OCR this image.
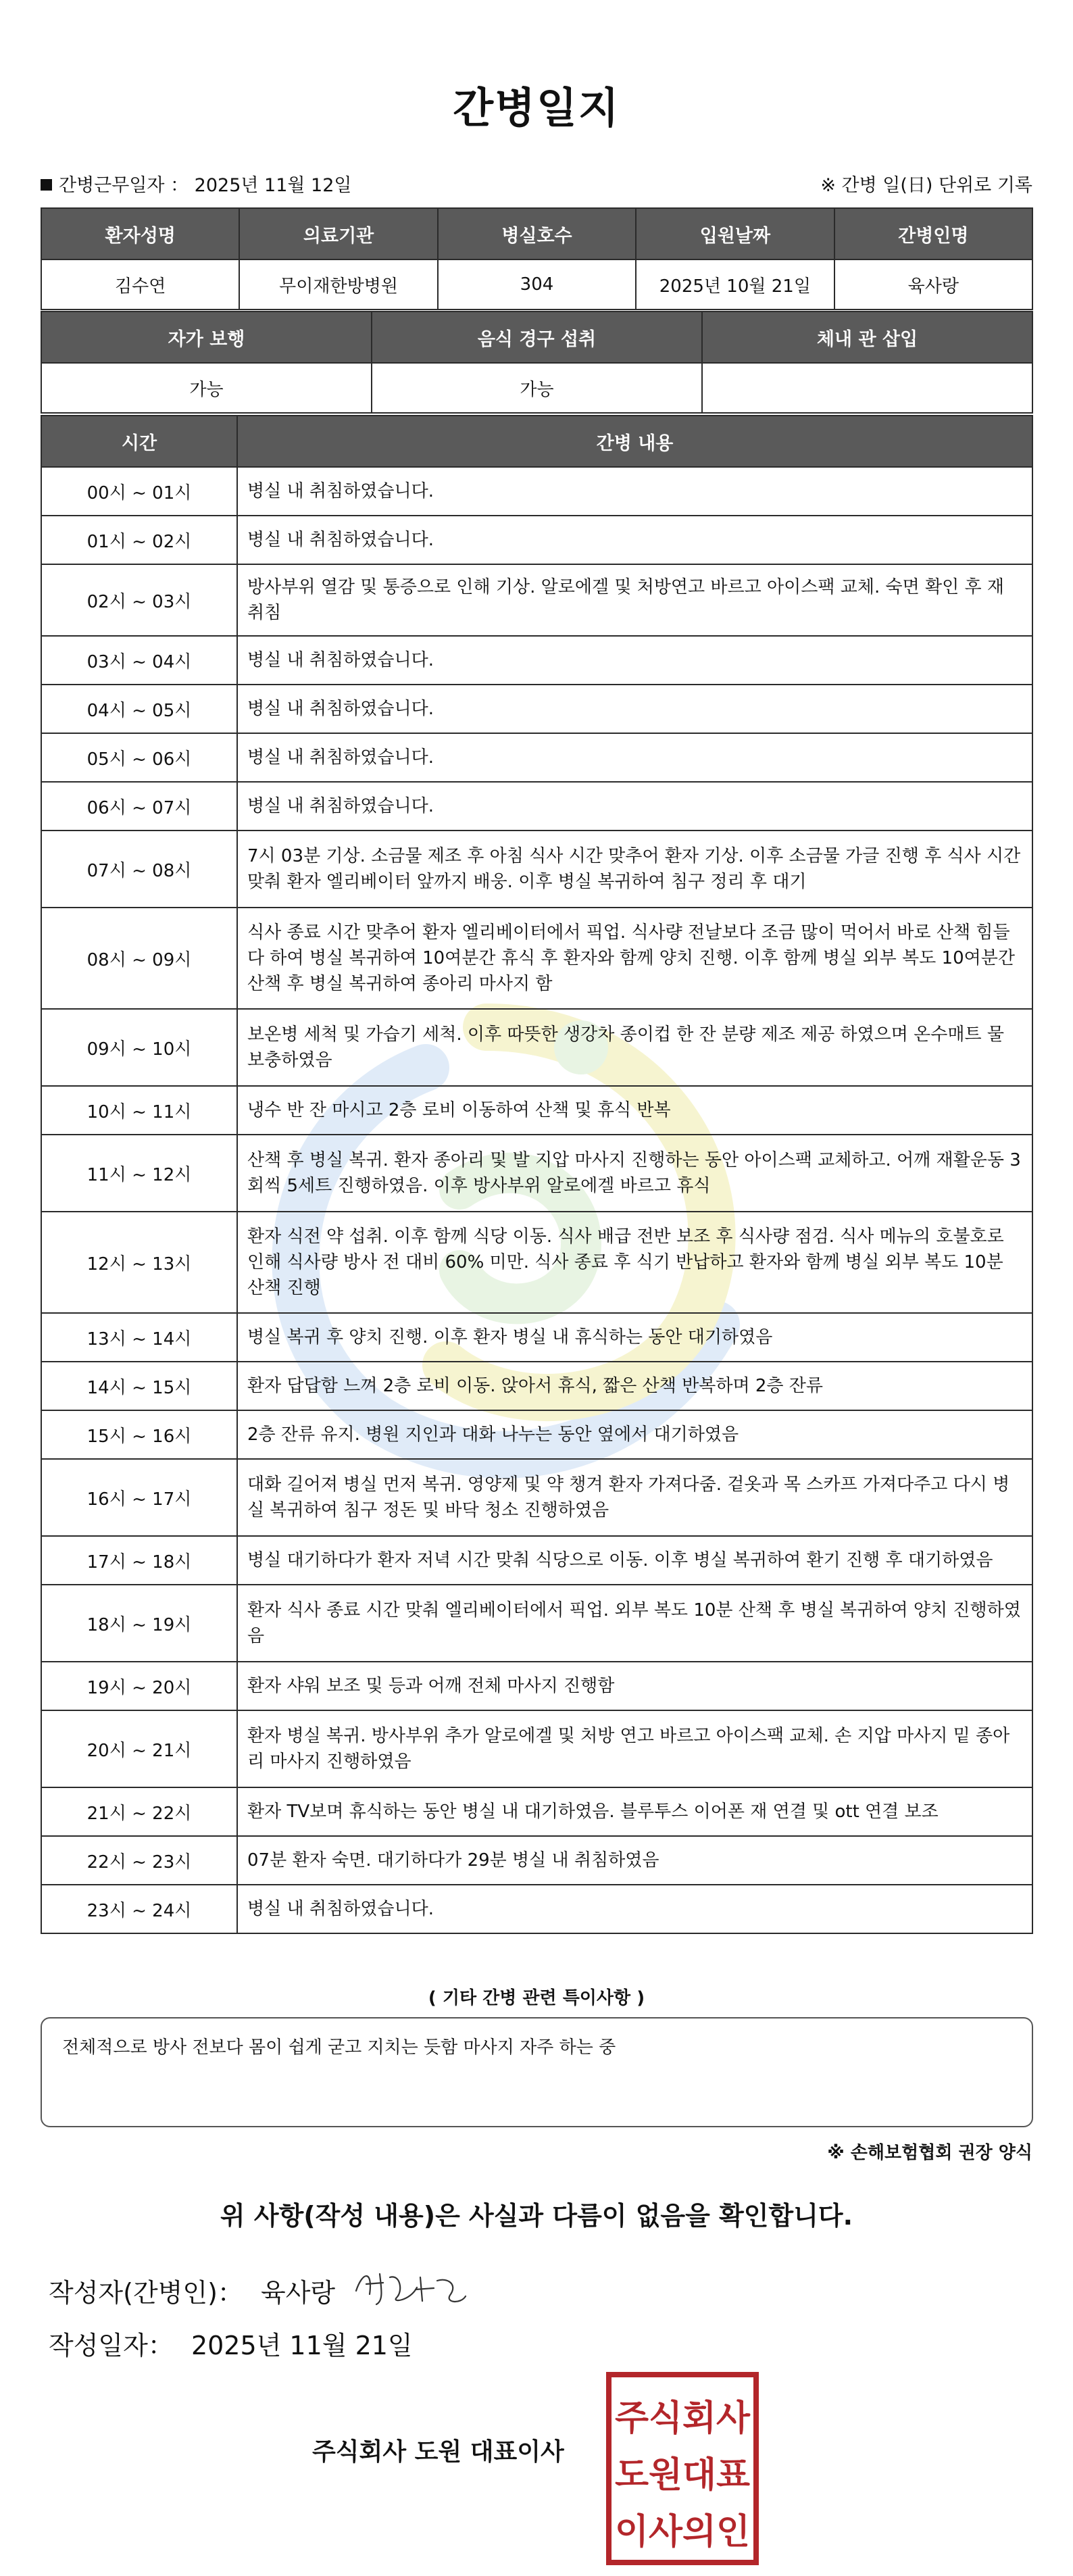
간병일지
간병근무일자 ： 2025년 11월 12일	※ 간병 일(日) 단위로 기록
환자성명	의료기관	병실호수	입원날짜	간병인명
김수연	무이재한방병원	304	2025년 10월 21일	육사랑
자가 보행	음식 경구 섭취	체내 관 삽입
가능	가능	
시간	간병 내용
00시 ~ 01시	병실 내 취침하였습니다.
01시 ~ 02시	병실 내 취침하였습니다.
02시 ~ 03시	방사부위 열감 및 통증으로 인해 기상. 알로에겔 및 처방연고 바르고 아이스팩 교체. 숙면 확인 후 재 취침
03시 ~ 04시	병실 내 취침하였습니다.
04시 ~ 05시	병실 내 취침하였습니다.
05시 ~ 06시	병실 내 취침하였습니다.
06시 ~ 07시	병실 내 취침하였습니다.
07시 ~ 08시	7시 03분 기상. 소금물 제조 후 아침 식사 시간 맞추어 환자 기상. 이후 소금물 가글 진행 후 식사 시간 맞춰 환자 엘리베이터 앞까지 배웅. 이후 병실 복귀하여 침구 정리 후 대기
08시 ~ 09시	식사 종료 시간 맞추어 환자 엘리베이터에서 픽업. 식사량 전날보다 조금 많이 먹어서 바로 산책 힘들다 하여 병실 복귀하여 10여분간 휴식 후 환자와 함께 양치 진행. 이후 함께 병실 외부 복도 10여분간 산책 후 병실 복귀하여 종아리 마사지 함
09시 ~ 10시	보온병 세척 및 가습기 세척. 이후 따뜻한 생강차 종이컵 한 잔 분량 제조 제공 하였으며 온수매트 물 보충하였음
10시 ~ 11시	냉수 반 잔 마시고 2층 로비 이동하여 산책 및 휴식 반복
11시 ~ 12시	산책 후 병실 복귀. 환자 종아리 및 발 지압 마사지 진행하는 동안 아이스팩 교체하고. 어깨 재활운동 3회씩 5세트 진행하였음. 이후 방사부위 알로에겔 바르고 휴식
12시 ~ 13시	환자 식전 약 섭취. 이후 함께 식당 이동. 식사 배급 전반 보조 후 식사량 점검. 식사 메뉴의 호불호로 인해 식사량 방사 전 대비 60% 미만. 식사 종료 후 식기 반납하고 환자와 함께 병실 외부 복도 10분 산책 진행
13시 ~ 14시	병실 복귀 후 양치 진행. 이후 환자 병실 내 휴식하는 동안 대기하였음
14시 ~ 15시	환자 답답함 느껴 2층 로비 이동. 앉아서 휴식, 짧은 산책 반복하며 2층 잔류
15시 ~ 16시	2층 잔류 유지. 병원 지인과 대화 나누는 동안 옆에서 대기하였음
16시 ~ 17시	대화 길어져 병실 먼저 복귀. 영양제 및 약 챙겨 환자 가져다줌. 겉옷과 목 스카프 가져다주고 다시 병실 복귀하여 침구 정돈 및 바닥 청소 진행하였음
17시 ~ 18시	병실 대기하다가 환자 저녁 시간 맞춰 식당으로 이동. 이후 병실 복귀하여 환기 진행 후 대기하였음
18시 ~ 19시	환자 식사 종료 시간 맞춰 엘리베이터에서 픽업. 외부 복도 10분 산책 후 병실 복귀하여 양치 진행하였음
19시 ~ 20시	환자 샤워 보조 및 등과 어깨 전체 마사지 진행함
20시 ~ 21시	환자 병실 복귀. 방사부위 추가 알로에겔 및 처방 연고 바르고 아이스팩 교체. 손 지압 마사지 밑 종아리 마사지 진행하였음
21시 ~ 22시	환자 TV보며 휴식하는 동안 병실 내 대기하였음. 블루투스 이어폰 재 연결 및 ott 연결 보조
22시 ~ 23시	07분 환자 숙면. 대기하다가 29분 병실 내 취침하였음
23시 ~ 24시	병실 내 취침하였습니다.
( 기타 간병 관련 특이사항 )
전체적으로 방사 전보다 몸이 쉽게 굳고 지치는 듯함 마사지 자주 하는 중
※ 손해보험협회 권장 양식
위 사항(작성 내용)은 사실과 다름이 없음을 확인합니다.
작성자(간병인)： 육사랑
작성일자： 2025년 11월 21일
주식회사 도원 대표이사
주식회사
도원대표
이사의인
